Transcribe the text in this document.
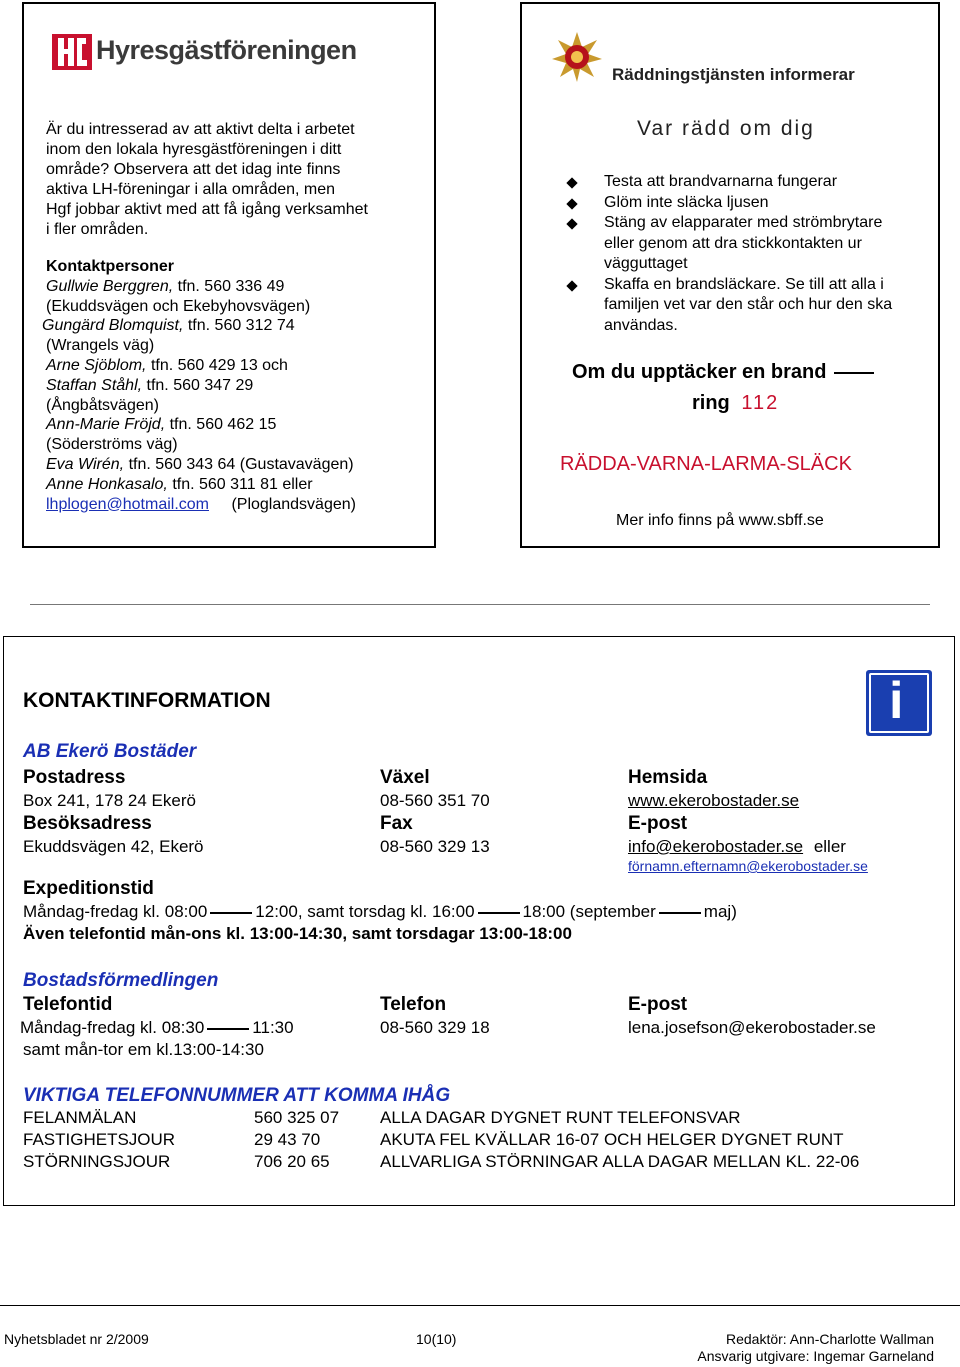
Hyresgästföreningen
Är du intresserad av att aktivt delta i arbetet
inom den lokala hyresgästföreningen i ditt
område? Observera att det idag inte finns
aktiva LH-föreningar i alla områden, men
Hgf jobbar aktivt med att få igång verksamhet
i fler områden.
Kontaktpersoner
Gullwie Berggren, tfn. 560 336 49
(Ekuddsvägen och Ekebyhovsvägen)
Gungärd Blomquist, tfn. 560 312 74
(Wrangels väg)
Arne Sjöblom, tfn. 560 429 13 och
Staffan Ståhl, tfn. 560 347 29
(Ångbåtsvägen)
Ann-Marie Fröjd, tfn. 560 462 15
(Söderströms väg)
Eva Wirén, tfn. 560 343 64 (Gustavavägen)
Anne Honkasalo, tfn. 560 311 81 eller
lhplogen@hotmail.com (Ploglandsvägen)
Räddningstjänsten informerar
Var rädd om dig
Testa att brandvarnarna fungerar
Glöm inte släcka ljusen
Stäng av elapparater med strömbrytare
eller genom att dra stickkontakten ur
vägguttaget
Skaffa en brandsläckare. Se till att alla i
familjen vet var den står och hur den ska
användas.
Om du upptäcker en brand
ring 112
RÄDDA-VARNA-LARMA-SLÄCK
Mer info finns på www.sbff.se
KONTAKTINFORMATION	i
AB Ekerö Bostäder
Postadress	Växel	Hemsida
Box 241, 178 24 Ekerö	08-560 351 70	www.ekerobostader.se
Besöksadress	Fax	E-post
Ekuddsvägen 42, Ekerö	08-560 329 13	info@ekerobostader.se eller
förnamn.efternamn@ekerobostader.se
Expeditionstid
Måndag-fredag kl. 08:00	12:00, samt torsdag kl. 16:00	18:00 (september	maj)
Även telefontid mån-ons kl. 13:00-14:30, samt torsdagar 13:00-18:00
Bostadsförmedlingen
Telefontid	Telefon	E-post
Måndag-fredag kl. 08:30	11:30	08-560 329 18	lena.josefson@ekerobostader.se
samt mån-tor em kl.13:00-14:30
VIKTIGA TELEFONNUMMER ATT KOMMA IHÅG
FELANMÄLAN	560 325 07 ALLA DAGAR DYGNET RUNT TELEFONSVAR
FASTIGHETSJOUR	29 43 70	AKUTA FEL KVÄLLAR 16-07 OCH HELGER DYGNET RUNT
STÖRNINGSJOUR	706 20 65	ALLVARLIGA STÖRNINGAR ALLA DAGAR MELLAN KL. 22-06
Nyhetsbladet nr 2/2009	10(10)	Redaktör: Ann-Charlotte Wallman
Ansvarig utgivare: Ingemar Garneland
